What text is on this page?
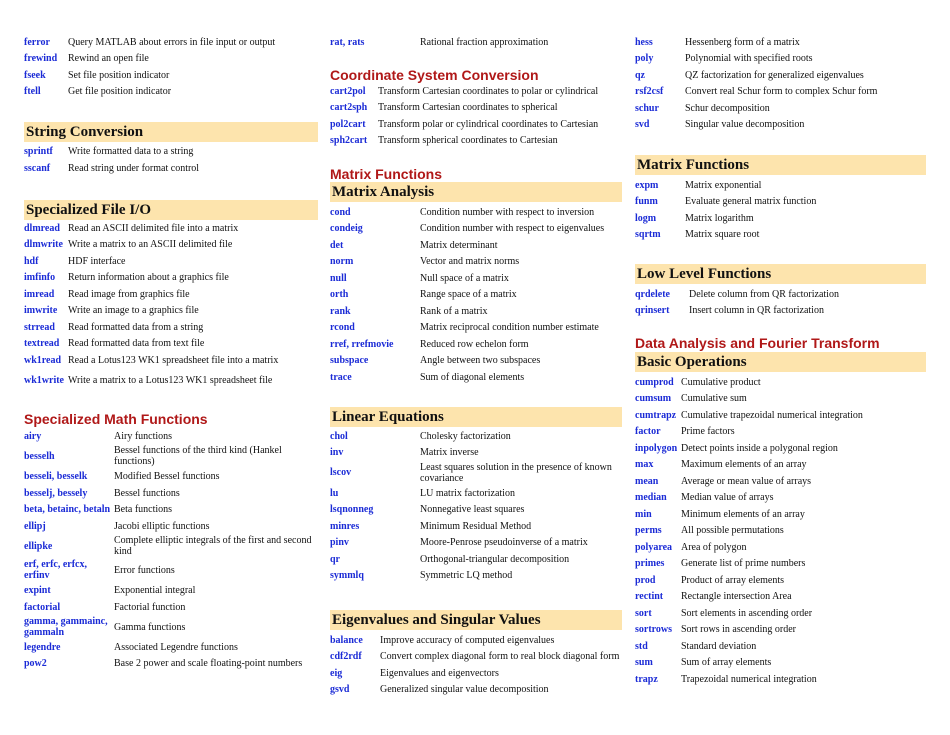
ferror	Query MATLAB about errors in file input or output
frewind	Rewind an open file
fseek	Set file position indicator
ftell	Get file position indicator
String Conversion
sprintf	Write formatted data to a string
sscanf	Read string under format control
Specialized File I/O
dlmread Read an ASCII delimited file into a matrix
dlmwrite Write a matrix to an ASCII delimited file
hdf	HDF interface
imfinfo	Return information about a graphics file
imread	Read image from graphics file
imwrite	Write an image to a graphics file
strread	Read formatted data from a string
textread Read formatted data from text file
wk1read Read a Lotus123 WK1 spreadsheet file into a matrix
wk1write Write a matrix to a Lotus123 WK1 spreadsheet file
Specialized Math Functions
airy	Airy functions
besselh	Bessel functions of the third kind (Hankel functions)
besseli, besselk	Modified Bessel functions
besselj, bessely	Bessel functions
beta, betainc, betaln Beta functions
ellipj	Jacobi elliptic functions
ellipke	Complete elliptic integrals of the first and second kind
erf, erfc, erfcx, erfinv	Error functions
expint	Exponential integral
factorial	Factorial function
gamma, gammainc, gammaln	Gamma functions
legendre	Associated Legendre functions
pow2	Base 2 power and scale floating-point numbers
rat, rats	Rational fraction approximation
Coordinate System Conversion
cart2pol	Transform Cartesian coordinates to polar or cylindrical
cart2sph	Transform Cartesian coordinates to spherical
pol2cart	Transform polar or cylindrical coordinates to Cartesian
sph2cart	Transform spherical coordinates to Cartesian
Matrix Functions
Matrix Analysis
cond	Condition number with respect to inversion
condeig	Condition number with respect to eigenvalues
det	Matrix determinant
norm	Vector and matrix norms
null	Null space of a matrix
orth	Range space of a matrix
rank	Rank of a matrix
rcond	Matrix reciprocal condition number estimate
rref, rrefmovie	Reduced row echelon form
subspace	Angle between two subspaces
trace	Sum of diagonal elements
Linear Equations
chol	Cholesky factorization
inv	Matrix inverse
lscov	Least squares solution in the presence of known covariance
lu	LU matrix factorization
lsqnonneg	Nonnegative least squares
minres	Minimum Residual Method
pinv	Moore-Penrose pseudoinverse of a matrix
qr	Orthogonal-triangular decomposition
symmlq	Symmetric LQ method
Eigenvalues and Singular Values
balance	Improve accuracy of computed eigenvalues
cdf2rdf	Convert complex diagonal form to real block diagonal form
eig	Eigenvalues and eigenvectors
gsvd	Generalized singular value decomposition
hess	Hessenberg form of a matrix
poly	Polynomial with specified roots
qz	QZ factorization for generalized eigenvalues
rsf2csf	Convert real Schur form to complex Schur form
schur	Schur decomposition
svd	Singular value decomposition
Matrix Functions
expm	Matrix exponential
funm	Evaluate general matrix function
logm	Matrix logarithm
sqrtm	Matrix square root
Low Level Functions
qrdelete	Delete column from QR factorization
qrinsert	Insert column in QR factorization
Data Analysis and Fourier Transform
Basic Operations
cumprod Cumulative product
cumsum Cumulative sum
cumtrapz Cumulative trapezoidal numerical integration
factor	Prime factors
inpolygon Detect points inside a polygonal region
max	Maximum elements of an array
mean	Average or mean value of arrays
median	Median value of arrays
min	Minimum elements of an array
perms	All possible permutations
polyarea Area of polygon
primes	Generate list of prime numbers
prod	Product of array elements
rectint	Rectangle intersection Area
sort	Sort elements in ascending order
sortrows Sort rows in ascending order
std	Standard deviation
sum	Sum of array elements
trapz	Trapezoidal numerical integration
